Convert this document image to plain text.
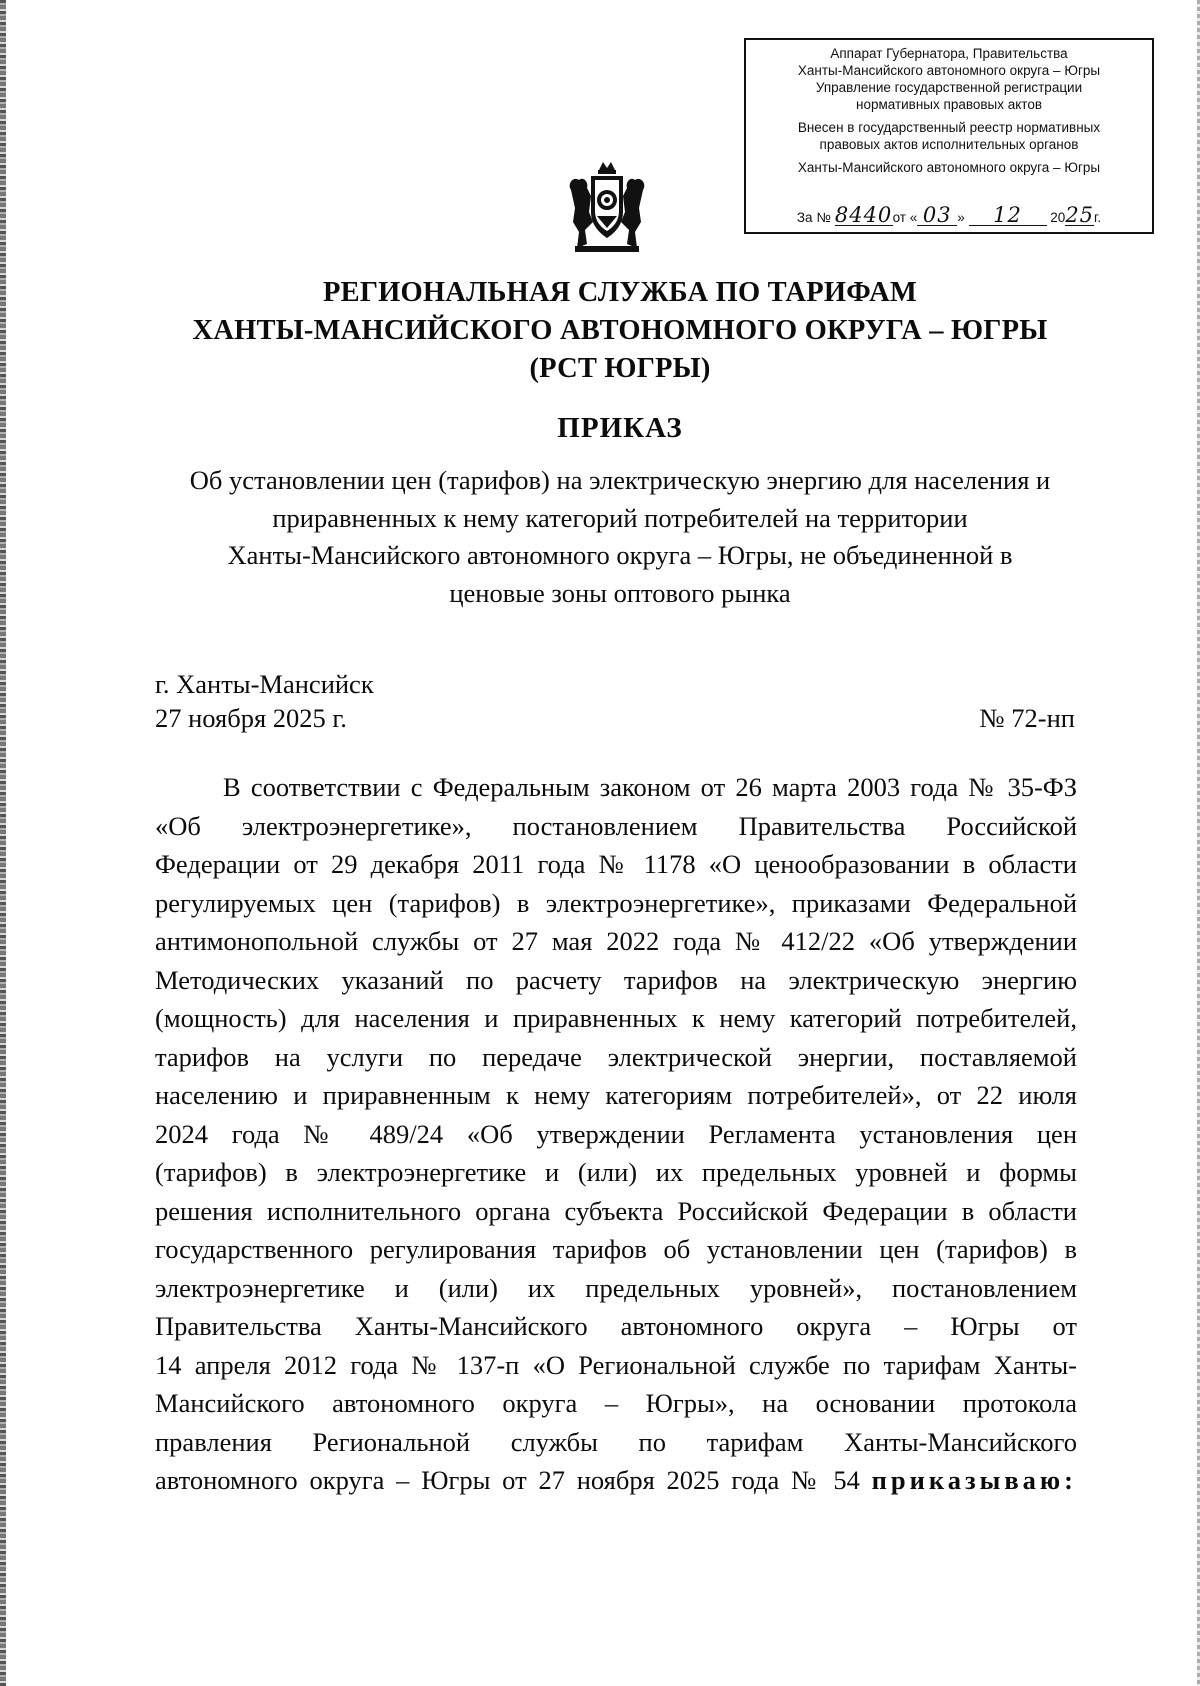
Аппарат Губернатора, Правительства
Ханты-Мансийского автономного округа – Югры
Управление государственной регистрации
нормативных правовых актов
Внесен в государственный реестр нормативных
правовых актов исполнительных органов
Ханты-Мансийского автономного округа – Югры
За № 8440от « 03 » 12 2025г.
РЕГИОНАЛЬНАЯ СЛУЖБА ПО ТАРИФАМ
ХАНТЫ-МАНСИЙСКОГО АВТОНОМНОГО ОКРУГА – ЮГРЫ
(РСТ ЮГРЫ)
ПРИКАЗ
Об установлении цен (тарифов) на электрическую энергию для населения и
приравненных к нему категорий потребителей на территории
Ханты-Мансийского автономного округа – Югры, не объединенной в
ценовые зоны оптового рынка
г. Ханты-Мансийск
27 ноября 2025 г.	№ 72-нп
В соответствии с Федеральным законом от 26 марта 2003 года № 35-ФЗ
«Об электроэнергетике», постановлением Правительства Российской
Федерации от 29 декабря 2011 года № 1178 «О ценообразовании в области
регулируемых цен (тарифов) в электроэнергетике», приказами Федеральной
антимонопольной службы от 27 мая 2022 года № 412/22 «Об утверждении
Методических указаний по расчету тарифов на электрическую энергию
(мощность) для населения и приравненных к нему категорий потребителей,
тарифов на услуги по передаче электрической энергии, поставляемой
населению и приравненным к нему категориям потребителей», от 22 июля
2024 года № 489/24 «Об утверждении Регламента установления цен
(тарифов) в электроэнергетике и (или) их предельных уровней и формы
решения исполнительного органа субъекта Российской Федерации в области
государственного регулирования тарифов об установлении цен (тарифов) в
электроэнергетике и (или) их предельных уровней», постановлением
Правительства Ханты-Мансийского автономного округа – Югры от
14 апреля 2012 года № 137-п «О Региональной службе по тарифам Ханты-
Мансийского автономного округа – Югры», на основании протокола
правления Региональной службы по тарифам Ханты-Мансийского
автономного округа – Югры от 27 ноября 2025 года № 54 приказываю:
